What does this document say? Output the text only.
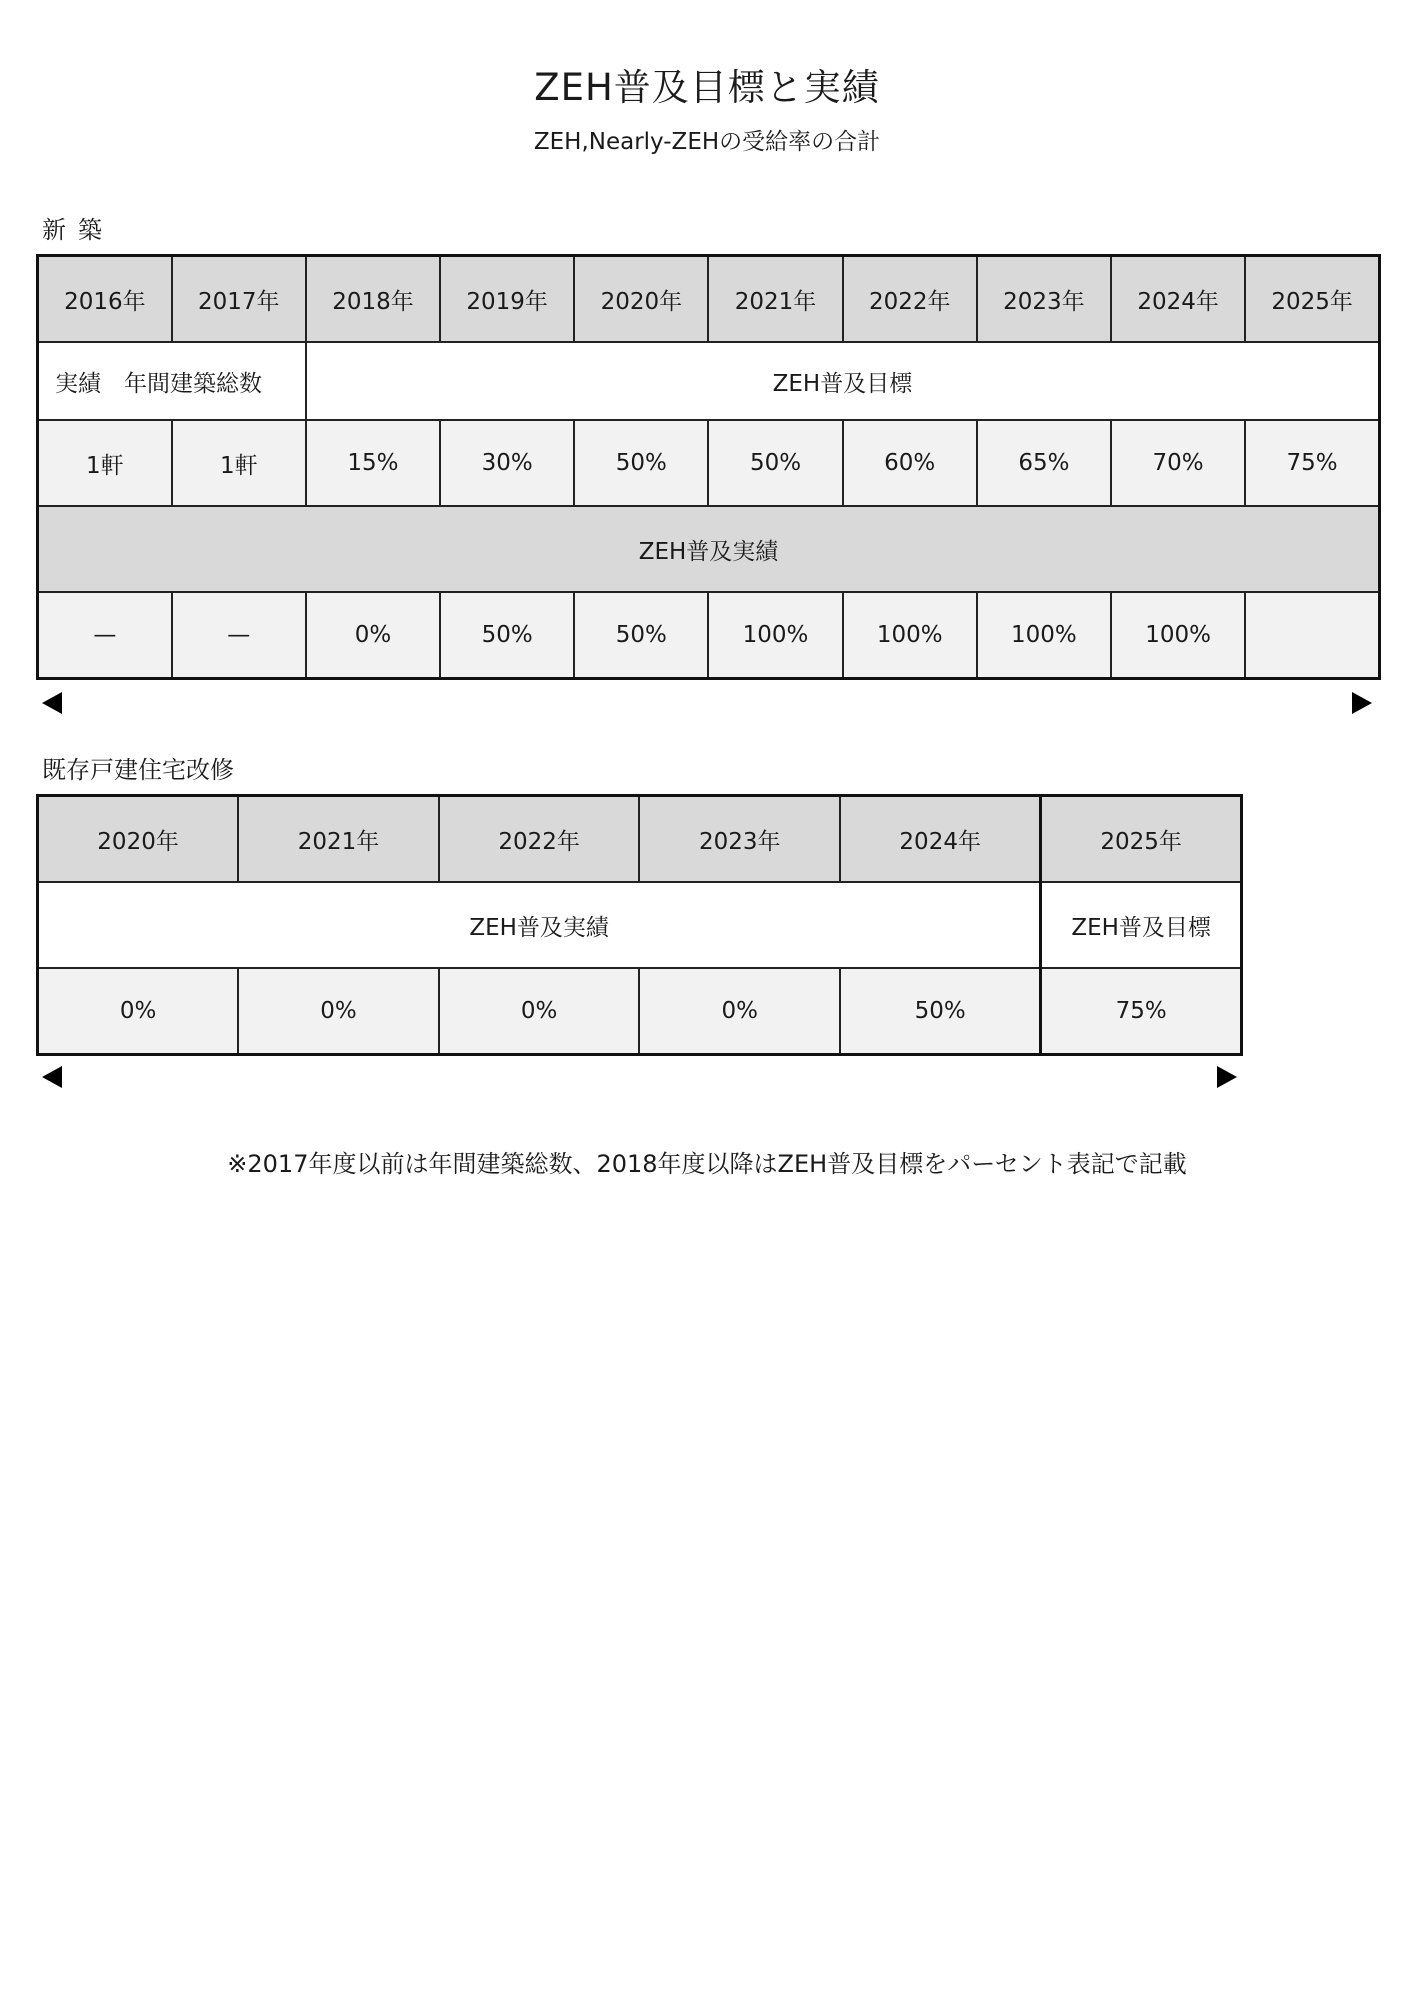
ZEH普及目標と実績
ZEH,Nearly-ZEHの受給率の合計
新築
2016年	2017年	2018年	2019年	2020年	2021年	2022年	2023年	2024年	2025年
実績　年間建築総数		ZEH普及目標							
1軒	1軒	15%	30%	50%	50%	60%	65%	70%	75%
ZEH普及実績									
—	—	0%	50%	50%	100%	100%	100%	100%	
既存戸建住宅改修
2020年	2021年	2022年	2023年	2024年	2025年
ZEH普及実績					ZEH普及目標
0%	0%	0%	0%	50%	75%
※2017年度以前は年間建築総数、2018年度以降はZEH普及目標をパーセント表記で記載
